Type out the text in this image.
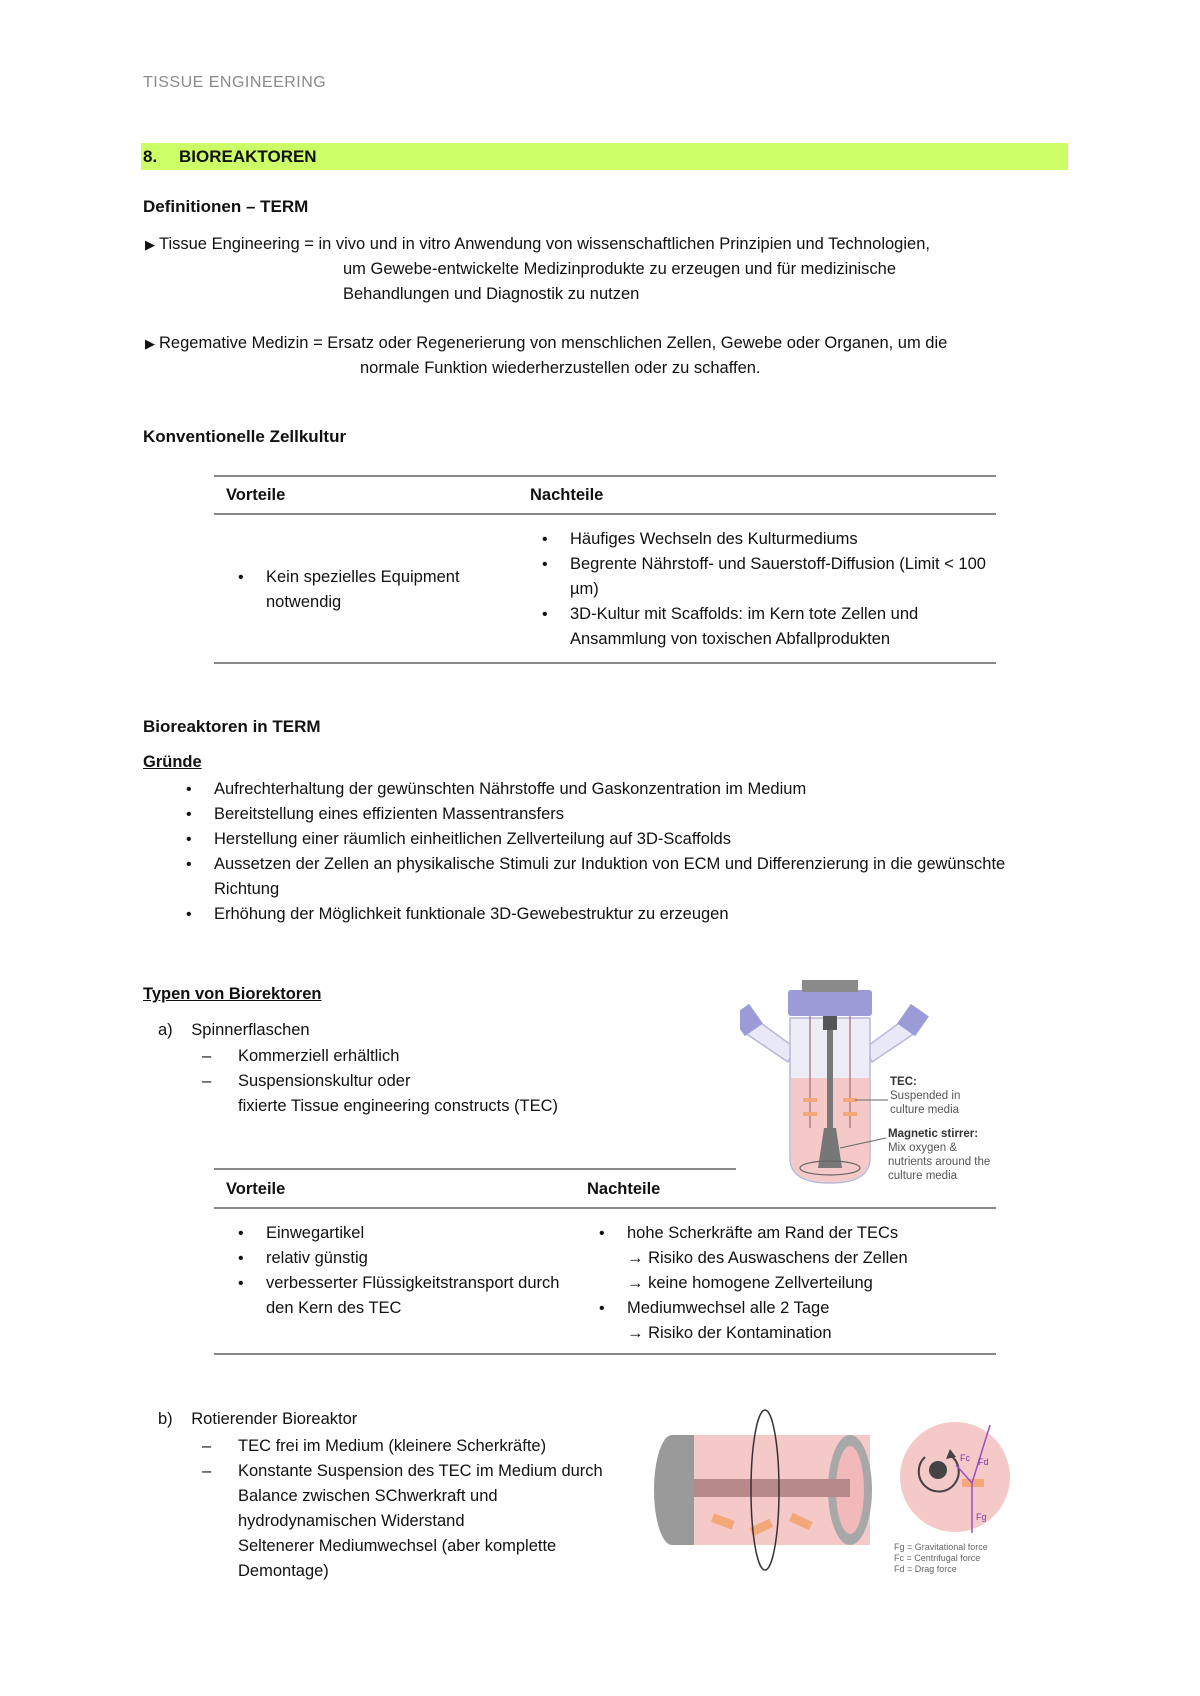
TISSUE ENGINEERING
8. BIOREAKTOREN
Definitionen – TERM
▶ Tissue Engineering = in vivo und in vitro Anwendung von wissenschaftlichen Prinzipien und Technologien,
um Gewebe-entwickelte Medizinprodukte zu erzeugen und für medizinische
Behandlungen und Diagnostik zu nutzen
▶ Regemative Medizin = Ersatz oder Regenerierung von menschlichen Zellen, Gewebe oder Organen, um die
normale Funktion wiederherzustellen oder zu schaffen.
Konventionelle Zellkultur
Vorteile	Nachteile
• Kein spezielles Equipment notwendig
• Häufiges Wechseln des Kulturmediums
• Begrente Nährstoff- und Sauerstoff-Diffusion (Limit < 100 µm)
• 3D-Kultur mit Scaffolds: im Kern tote Zellen und Ansammlung von toxischen Abfallprodukten
Bioreaktoren in TERM
Gründe
• Aufrechterhaltung der gewünschten Nährstoffe und Gaskonzentration im Medium
• Bereitstellung eines effizienten Massentransfers
• Herstellung einer räumlich einheitlichen Zellverteilung auf 3D-Scaffolds
• Aussetzen der Zellen an physikalische Stimuli zur Induktion von ECM und Differenzierung in die gewünschte Richtung
• Erhöhung der Möglichkeit funktionale 3D-Gewebestruktur zu erzeugen
Typen von Biorektoren
a) Spinnerflaschen
– Kommerziell erhältlich
– Suspensionskultur oder
fixierte Tissue engineering constructs (TEC)
TEC:
Suspended in
culture media
Magnetic stirrer:
Mix oxygen &
nutrients around the
culture media
Vorteile	Nachteile
• Einwegartikel
• relativ günstig
• verbesserter Flüssigkeitstransport durch den Kern des TEC
• hohe Scherkräfte am Rand der TECs
→ Risiko des Auswaschens der Zellen
→ keine homogene Zellverteilung
• Mediumwechsel alle 2 Tage
→ Risiko der Kontamination
b) Rotierender Bioreaktor
– TEC frei im Medium (kleinere Scherkräfte)
– Konstante Suspension des TEC im Medium durch Balance zwischen SChwerkraft und hydrodynamischen Widerstand
Seltenerer Mediumwechsel (aber komplette Demontage)
Fd
Fc
Fg
Fg = Gravitational force
Fc = Centrifugal force
Fd = Drag force
